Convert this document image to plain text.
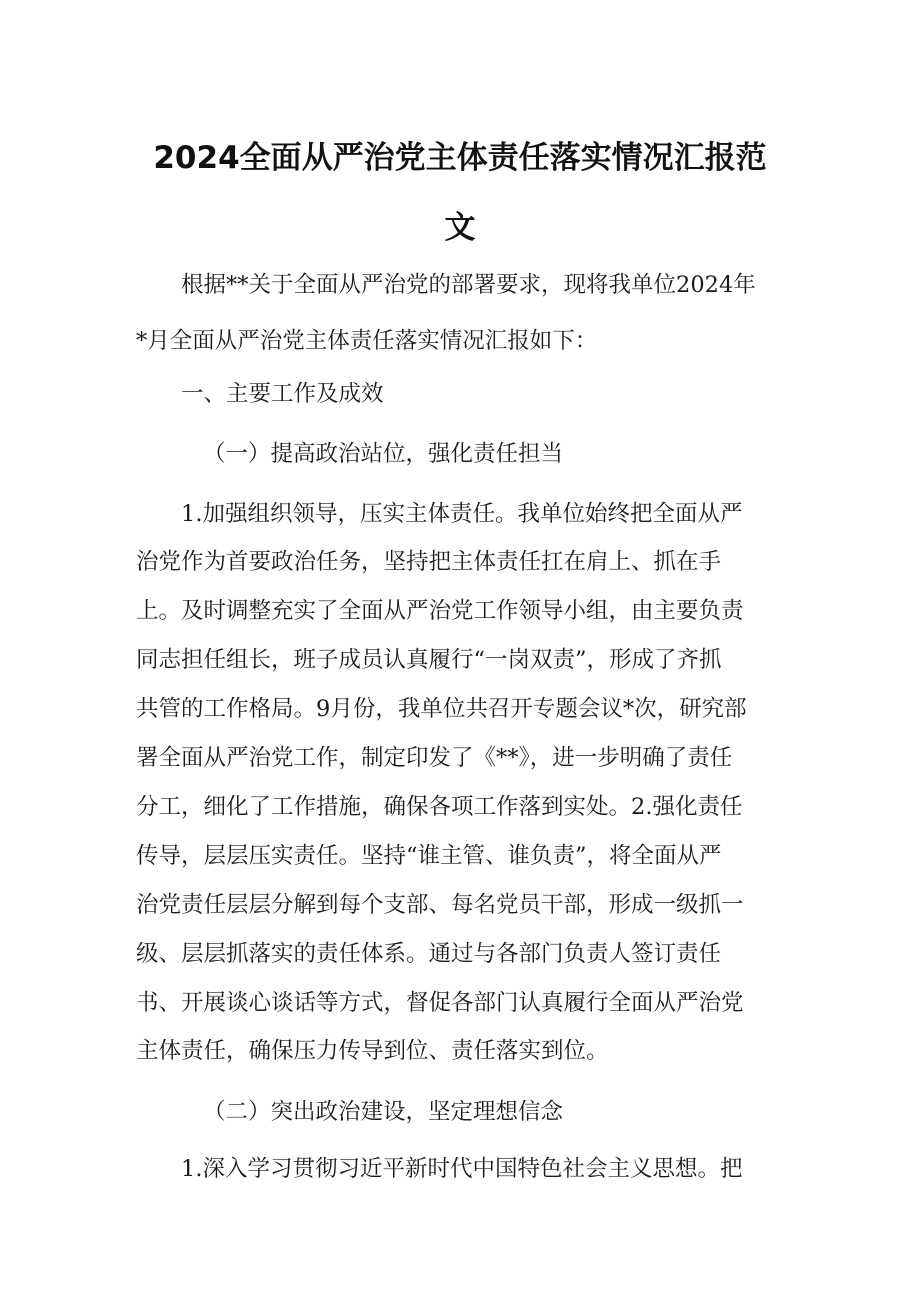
2024全面从严治党主体责任落实情况汇报范
文
根据**关于全面从严治党的部署要求，现将我单位2024年
*月全面从严治党主体责任落实情况汇报如下：
一、主要工作及成效
（一）提高政治站位，强化责任担当
1.加强组织领导，压实主体责任。我单位始终把全面从严
治党作为首要政治任务，坚持把主体责任扛在肩上、抓在手
上。及时调整充实了全面从严治党工作领导小组，由主要负责
同志担任组长，班子成员认真履行“一岗双责”，形成了齐抓
共管的工作格局。9月份，我单位共召开专题会议*次，研究部
署全面从严治党工作，制定印发了《**》，进一步明确了责任
分工，细化了工作措施，确保各项工作落到实处。2.强化责任
传导，层层压实责任。坚持“谁主管、谁负责”，将全面从严
治党责任层层分解到每个支部、每名党员干部，形成一级抓一
级、层层抓落实的责任体系。通过与各部门负责人签订责任
书、开展谈心谈话等方式，督促各部门认真履行全面从严治党
主体责任，确保压力传导到位、责任落实到位。
（二）突出政治建设，坚定理想信念
1.深入学习贯彻习近平新时代中国特色社会主义思想。把
